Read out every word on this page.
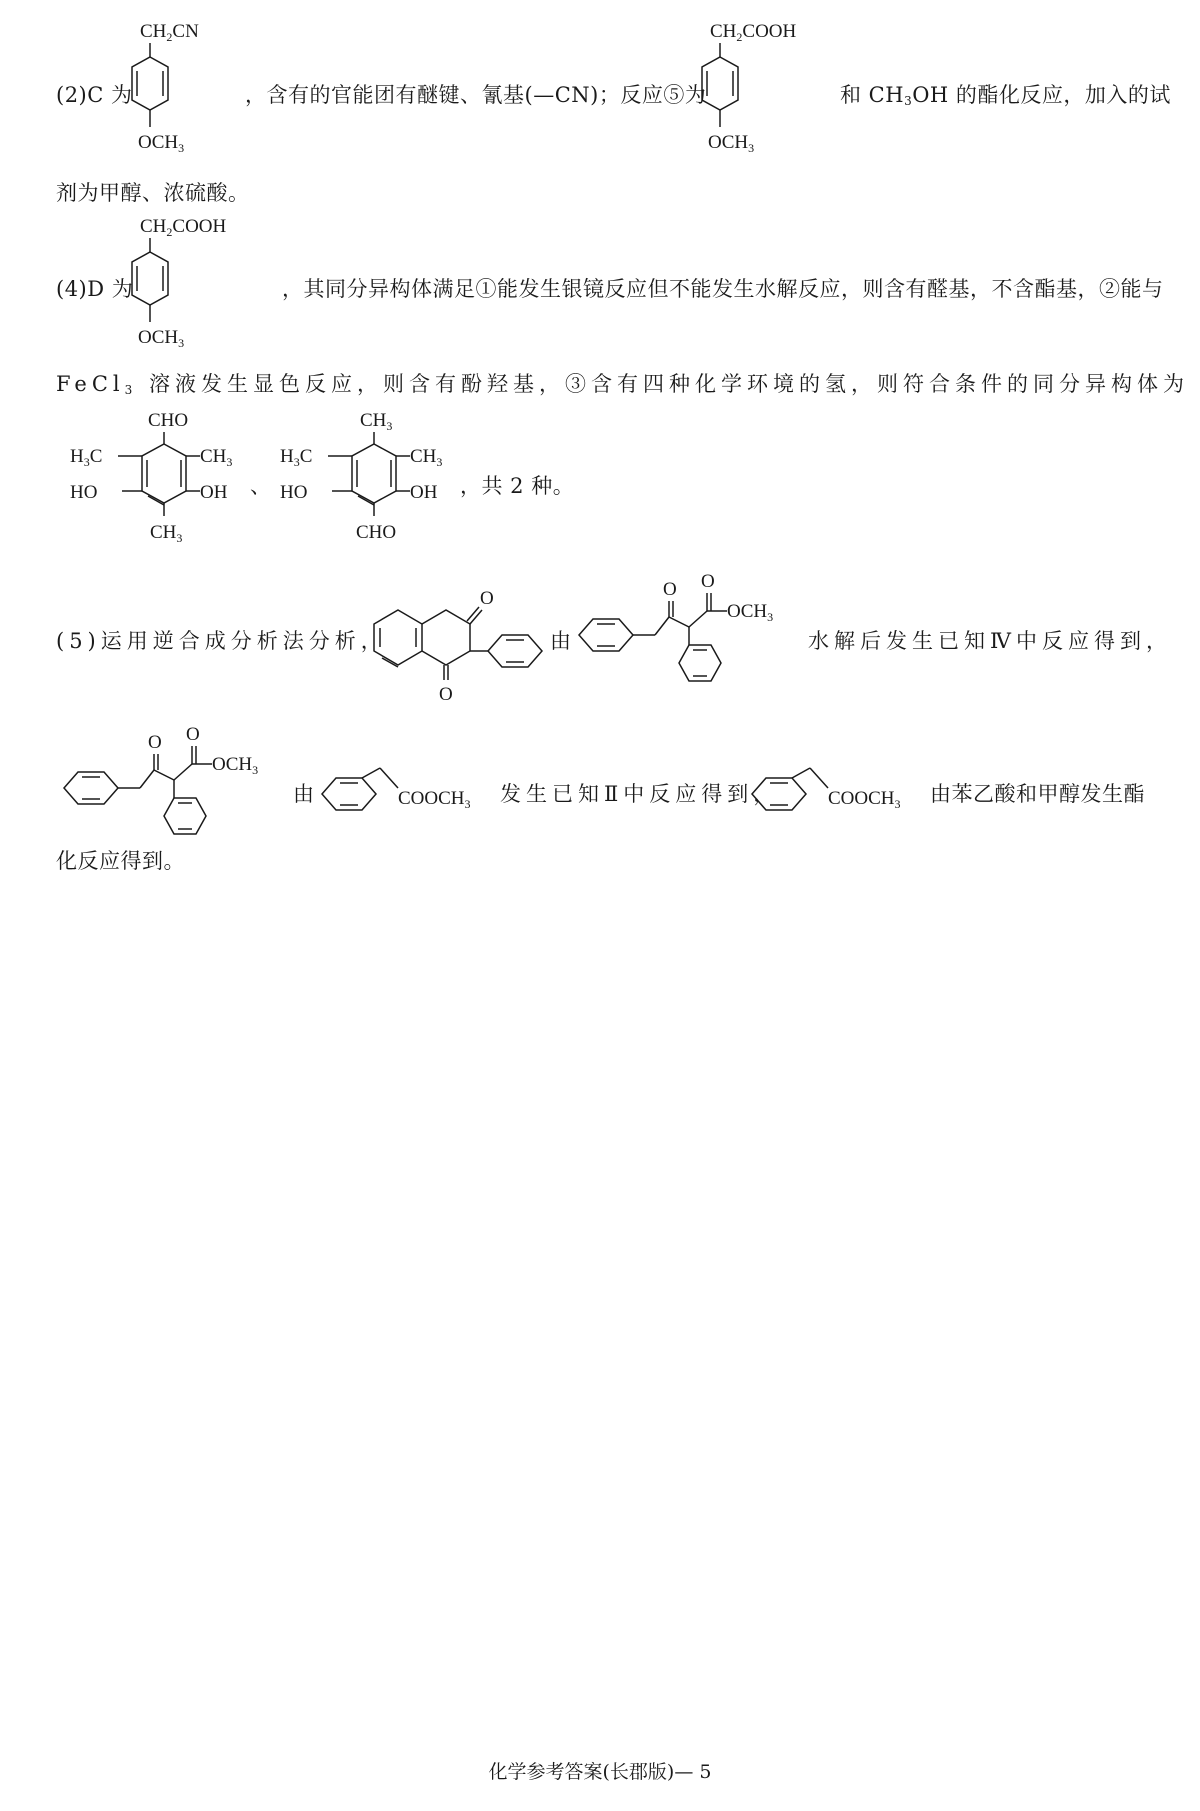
(2)C 为
$CH_2CN$
$OCH_3$
，含有的官能团有醚键、氰基(—CN)；反应⑤为
$CH_2COOH$
$OCH_3$
和 $CH_3OH$ 的酯化反应，加入的试
剂为甲醇、浓硫酸。
(4)D 为
$CH_2COOH$
$OCH_3$
，其同分异构体满足①能发生银镜反应但不能发生水解反应，则含有醛基，不含酯基，②能与
FeCl$_3$ 溶液发生显色反应，则含有酚羟基，③含有四种化学环境的氢，则符合条件的同分异构体为
CHO
$H_3C$	$CH_3$
HO	OH
$CH_3$
、
$CH_3$
$H_3C$	$CH_3$
HO	OH
CHO
，共 2 种。
(5)运用逆合成分析法分析，
O
O
由
O O
$OCH_3$
水解后发生已知Ⅳ中反应得到，
O O
$OCH_3$
由	$COOCH_3$ 发生已知Ⅱ中反应得到，	$COOCH_3$ 由苯乙酸和甲醇发生酯
化反应得到。
化学参考答案(长郡版)— 5
